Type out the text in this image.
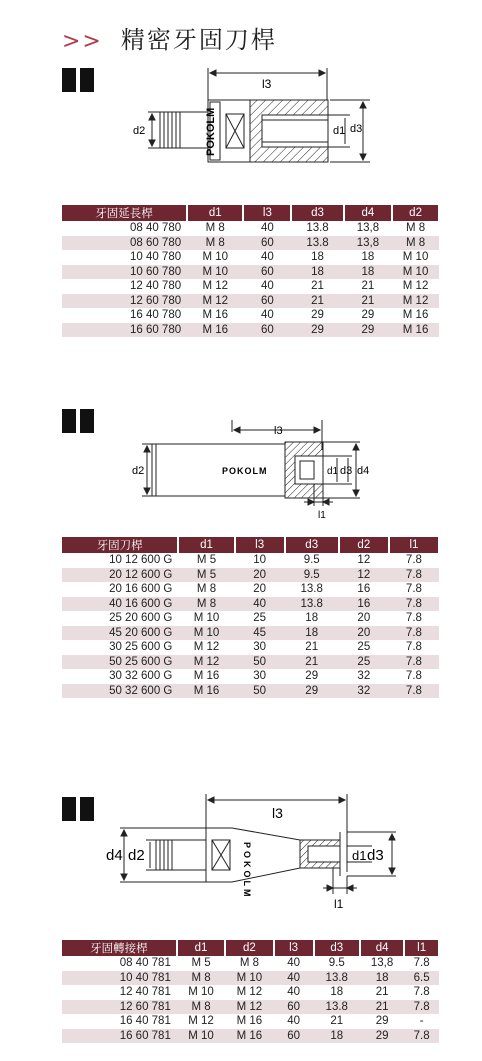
>> 精密牙固刀桿
POKOLM
l3
d2	d1 d3
牙固延長桿	d1	l3	d3	d4	d2
08 40 780	M 8	40	13.8	13,8	M 8
08 60 780	M 8	60	13.8	13,8	M 8
10 40 780	M 10	40	18	18	M 10
10 60 780	M 10	60	18	18	M 10
12 40 780	M 12	40	21	21	M 12
12 60 780	M 12	60	21	21	M 12
16 40 780	M 16	40	29	29	M 16
16 60 780	M 16	60	29	29	M 16
POKOLM
l3
d2	d1 d3 d4
l1
牙固刀桿	d1	l3	d3	d2	l1
10 12 600 G	M 5	10	9.5	12	7.8
20 12 600 G	M 5	20	9.5	12	7.8
20 16 600 G	M 8	20	13.8	16	7.8
40 16 600 G	M 8	40	13.8	16	7.8
25 20 600 G	M 10	25	18	20	7.8
45 20 600 G	M 10	45	18	20	7.8
30 25 600 G	M 12	30	21	25	7.8
50 25 600 G	M 12	50	21	25	7.8
30 32 600 G	M 16	30	29	32	7.8
50 32 600 G	M 16	50	29	32	7.8
POKOLM
l3
d4 d2	d1 d3
l1
牙固轉接桿	d1	d2	l3	d3	d4	l1
08 40 781	M 5	M 8	40	9.5	13,8	7.8
10 40 781	M 8	M 10	40	13.8	18	6.5
12 40 781	M 10	M 12	40	18	21	7.8
12 60 781	M 8	M 12	60	13.8	21	7.8
16 40 781	M 12	M 16	40	21	29	-
16 60 781	M 10	M 16	60	18	29	7.8
